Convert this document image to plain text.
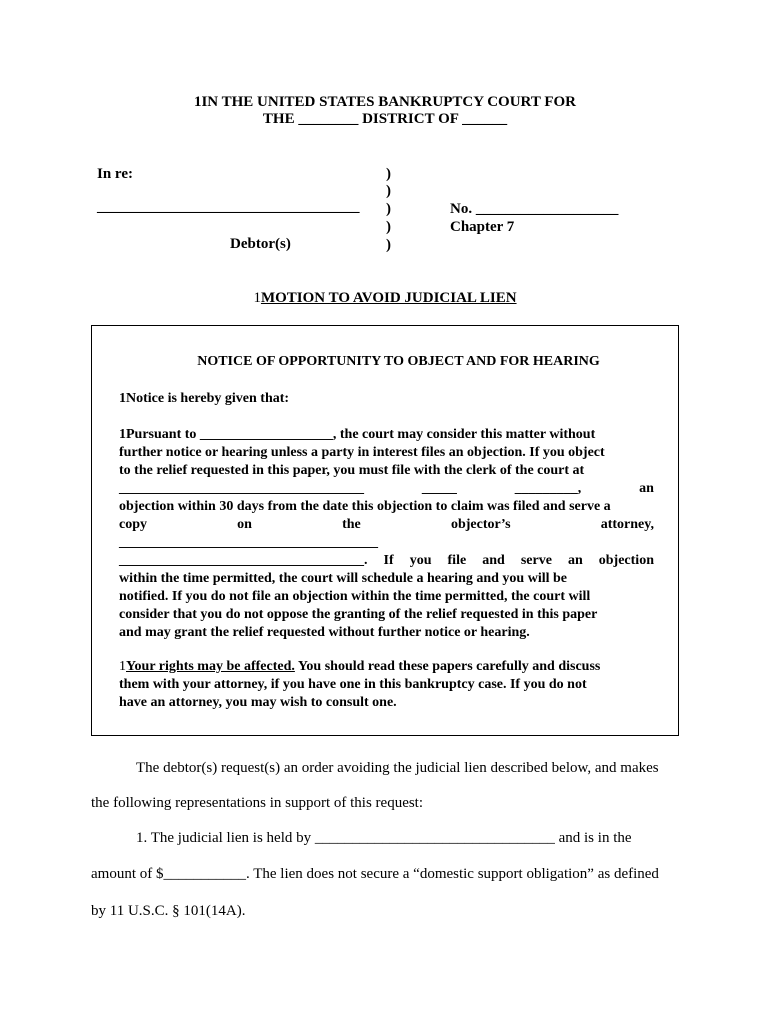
1IN THE UNITED STATES BANKRUPTCY COURT FOR
THE ________ DISTRICT OF ______
In re:
___________________________________
Debtor(s)
)
)
)
)
)
No. ___________________
Chapter 7
1MOTION TO AVOID JUDICIAL LIEN
NOTICE OF OPPORTUNITY TO OBJECT AND FOR HEARING
1Notice is hereby given that:
1Pursuant to ___________________, the court may consider this matter without
further notice or hearing unless a party in interest files an objection. If you object
to the relief requested in this paper, you must file with the clerk of the court at
___________________________________	_____	_________,	an
objection within 30 days from the date this objection to claim was filed and serve a
copy	on	the	objector’s	attorney,
_____________________________________
___________________________________. If you file and serve an objection
within the time permitted, the court will schedule a hearing and you will be
notified. If you do not file an objection within the time permitted, the court will
consider that you do not oppose the granting of the relief requested in this paper
and may grant the relief requested without further notice or hearing.
1Your rights may be affected. You should read these papers carefully and discuss
them with your attorney, if you have one in this bankruptcy case. If you do not
have an attorney, you may wish to consult one.
The debtor(s) request(s) an order avoiding the judicial lien described below, and makes
the following representations in support of this request:
1. The judicial lien is held by ________________________________ and is in the
amount of $___________. The lien does not secure a “domestic support obligation” as defined
by 11 U.S.C. § 101(14A).
